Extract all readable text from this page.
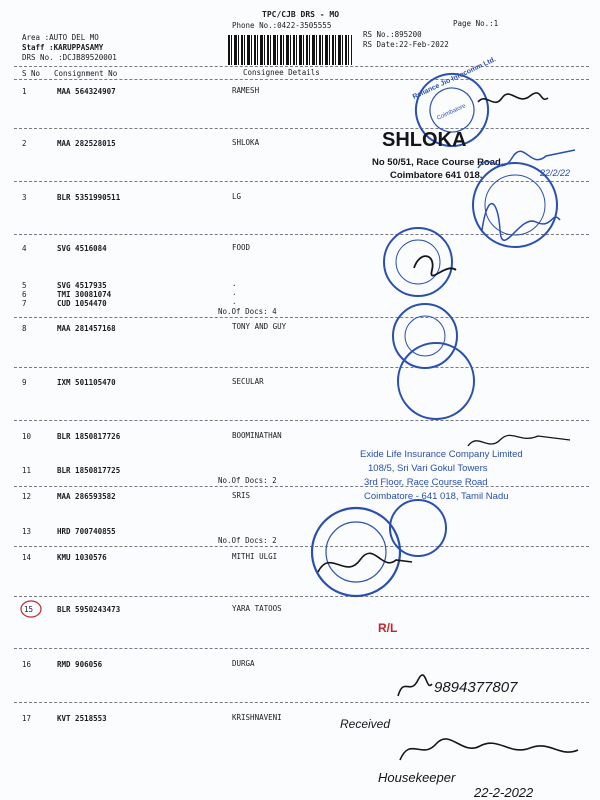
TPC/CJB DRS - MO
Phone No.:0422-3505555	Page No.:1
Area :AUTO DEL MO
Staff :KARUPPASAMY
DRS No. :DCJB89520001
RS No.:895200
RS Date:22-Feb-2022
S No Consignment No	Consignee Details
1	MAA 564324907	RAMESH
2	MAA 282528015	SHLOKA
3	BLR 5351990511	LG
4	SVG 4516084	FOOD
5	SVG 4517935	.
6	TMI 30081074	.
7	CUD 1054470	.
No.Of Docs: 4
8	MAA 281457168	TONY AND GUY
9	IXM 501105470	SECULAR
10	BLR 1850817726	BOOMINATHAN
11	BLR 1850817725
No.Of Docs: 2
12	MAA 286593582	SRIS
13	HRD 700740855
No.Of Docs: 2
14	KMU 1030576	MITHI ULGI
15	BLR 5950243473	YARA TATOOS
16	RMD 906056	DURGA
17	KVT 2518553	KRISHNAVENI
Reliance Jio Infocomm Ltd.
Coimbatore
SHLOKA
No 50/51, Race Course Road,
Coimbatore 641 018.
Exide Life Insurance Company Limited
108/5, Sri Vari Gokul Towers
3rd Floor, Race Course Road
Coimbatore - 641 018, Tamil Nadu
22/2/22
R/L
9894377807
Received
Housekeeper
22-2-2022
